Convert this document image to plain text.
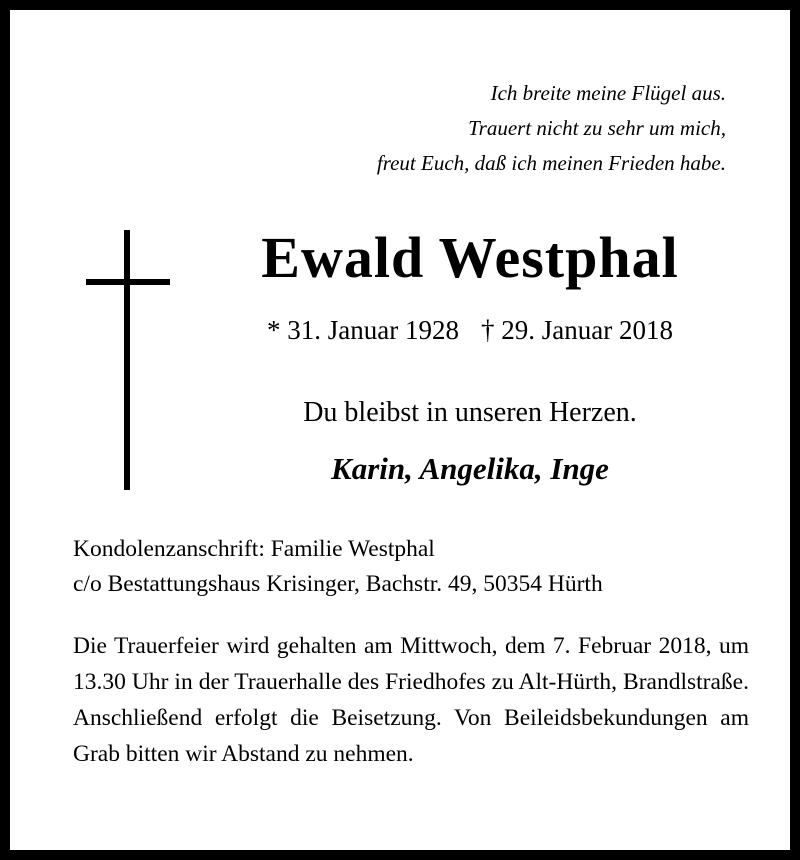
Ich breite meine Flügel aus.
Trauert nicht zu sehr um mich,
freut Euch, daß ich meinen Frieden habe.
Ewald Westphal
* 31. Januar 1928 † 29. Januar 2018
Du bleibst in unseren Herzen.
Karin, Angelika, Inge
Kondolenzanschrift: Familie Westphal
c/o Bestattungshaus Krisinger, Bachstr. 49, 50354 Hürth
Die Trauerfeier wird gehalten am Mittwoch, dem 7. Februar 2018, um 13.30 Uhr in der Trauerhalle des Friedhofes zu Alt-Hürth, Brandlstraße. Anschließend erfolgt die Beisetzung. Von Beileidsbekundungen am Grab bitten wir Abstand zu nehmen.
